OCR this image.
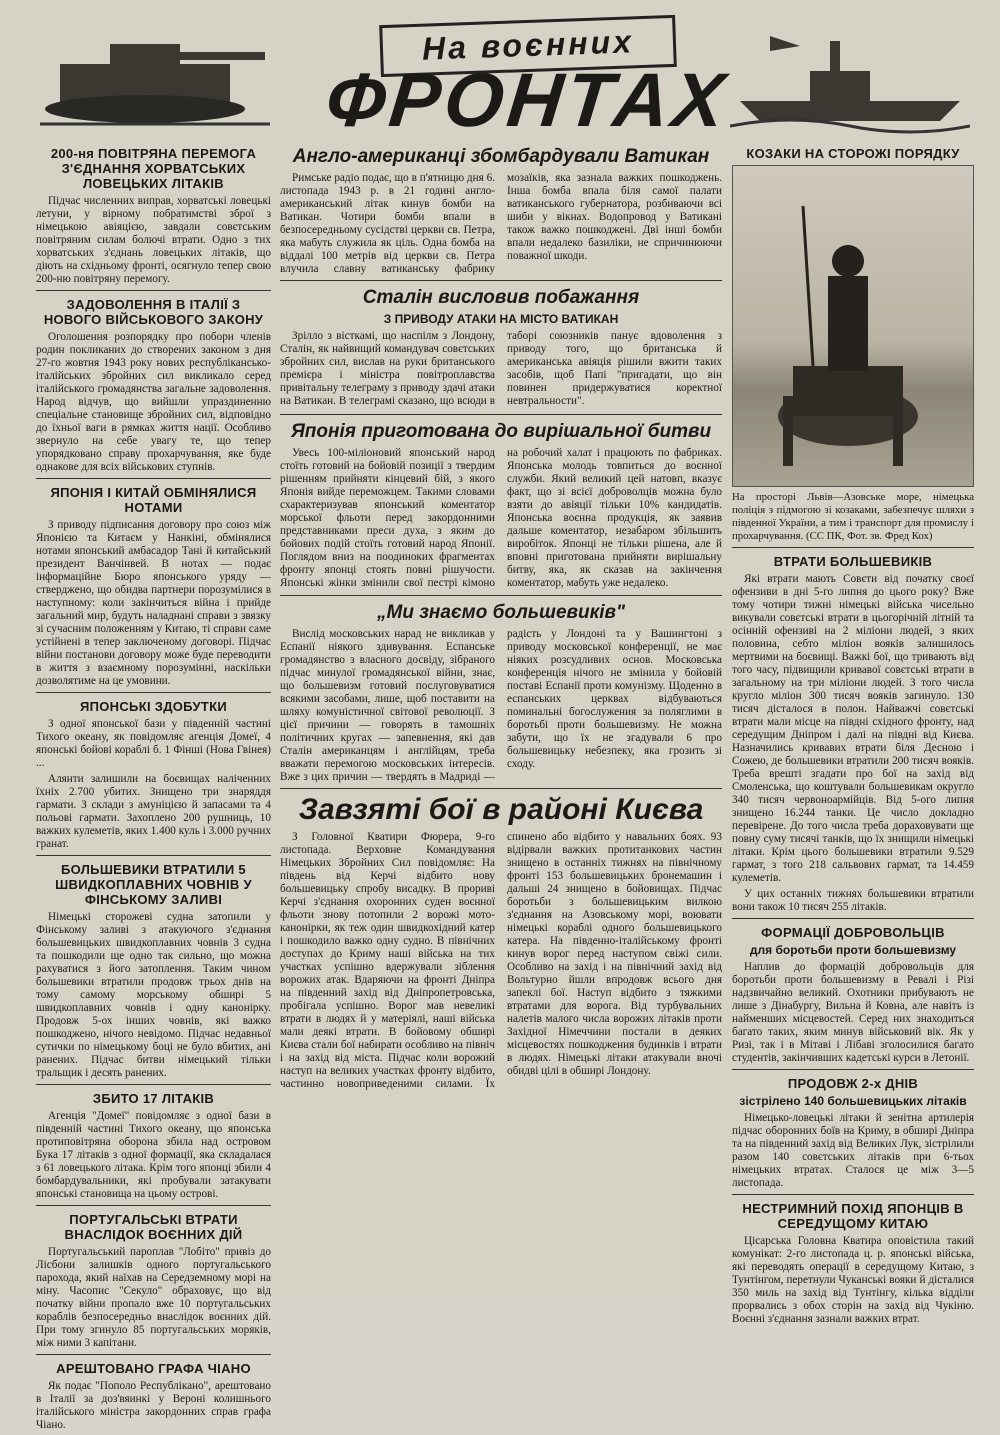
На воєнних
ФРОНТАХ
200-ня ПОВІТРЯНА ПЕРЕМОГА З'ЄДНАННЯ ХОРВАТСЬКИХ ЛОВЕЦЬКИХ ЛІТАКІВ

Підчас численних виправ, хорватські ловецькі летуни, у вірному побратимстві зброї з німецькою авіяцією, завдали совєтським повітряним силам болючі втрати. Одно з тих хорватських з'єднань ловецьких літаків, що діють на східньому фронті, осягнуло тепер свою 200-ню повітряну перемогу.

ЗАДОВОЛЕННЯ В ІТАЛІЇ З НОВОГО ВІЙСЬКОВОГО ЗАКОНУ

Оголошення розпорядку про побори членів родин покликаних до створених законом з дня 27-го жовтня 1943 року нових республікансько-італійських збройних сил викликало серед італійського громадянства загальне задоволення. Народ відчув, що вийшли упраздиненню спеціальне становище збройних сил, відповідно до їхньої ваги в рямках життя нації. Особливо звернуло на себе увагу те, що тепер упорядковано справу прохарчування, яке буде однакове для всіх військових ступнів.

ЯПОНІЯ І КИТАЙ ОБМІНЯЛИСЯ НОТАМИ

З приводу підписання договору про союз між Японією та Китаєм у Нанкіні, обмінялися нотами японський амбасадор Тані й китайський президент Ванчінвей. В нотах — подає інформаційне Бюро японського уряду — стверджено, що обидва партнери порозумілися в наступному: коли закінчиться війна і прийде загальний мир, будуть наладнані справи з звязку зі сучасним положенням у Китаю, ті справи саме устійнені в тепер заключеному договорі. Підчас війни постанови договору може буде переводити в життя з взаємному порозумінні, наскільки дозволятиме на це умовини.

ЯПОНСЬКІ ЗДОБУТКИ

З одної японської бази у південній частині Тихого океану, як повідомляє агенція Домеї, 4 японські бойові кораблі б. 1 Фінші (Нова Гвінея) ...

Алянти залишили на боєвищах наліченних їхніх 2.700 убитих. Знищено три знаряддя гармати. З склади з амуніцією й запасами та 4 польові гармати. Захоплено 200 рушниць, 10 важких кулеметів, яких 1.400 куль і 3.000 ручних гранат.

БОЛЬШЕВИКИ ВТРАТИЛИ 5 ШВИДКОПЛАВНИХ ЧОВНІВ У ФІНСЬКОМУ ЗАЛИВІ

Німецькі сторожеві судна затопили у Фінському заливі з атакуючого з'єднання большевицьких швидкоплавних човнів 3 судна та пошкодили ще одно так сильно, що можна рахуватися з його затоплення. Таким чином большевики втратили продовж трьох днів на тому самому морському обширі 5 швидкоплавних човнів і одну канонірку. Продовж 5-ох інших човнів, які важко пошкоджено, нічого невідомо. Підчас недавньої сутички по німецькому боці не було вбитих, ані ранених. Підчас битви німецький тільки тральщик і десять ранених.

ЗБИТО 17 ЛІТАКІВ

Агенція "Домеї" повідомляє з одної бази в південній частині Тихого океану, що японська протиповітряна оборона збила над островом Бука 17 літаків з одної формації, яка складалася з 61 ловецького літака. Крім того японці збили 4 бомбардувальники, які пробували затакувати японські становища на цьому острові.

ПОРТУГАЛЬСЬКІ ВТРАТИ ВНАСЛІДОК ВОЄННИХ ДІЙ

Португальський пароплав "Лобіто" привіз до Лісбони залишків одного португальського парохода, який наїхав на Середземному морі на міну. Часопис "Секуло" обраховує, що від початку війни пропало вже 10 португальських кораблів безпосередньо внаслідок воєнних дій. При тому згинуло 85 португальських моряків, між ними 3 капітани.

АРЕШТОВАНО ГРАФА ЧІАНО

Як подає "Пополо Республікано", арештовано в Італії за доз'вяинкі у Вероні колишнього італійського міністра закордонних справ графа Чіано.

Англо-американці збомбардували Ватикан

Римське радіо подає, що в п'ятницю дня 6. листопада 1943 р. в 21 годині англо-американський літак кинув бомби на Ватикан. Чотири бомби впали в безпосередньому сусідстві церкви св. Петра, яка мабуть служила як ціль. Одна бомба на віддалі 100 метрів від церкви св. Петра влучила славну ватиканську фабрику мозаїків, яка зазнала важких пошкоджень. Інша бомба впала біля самої палати ватиканського губернатора, розбиваючи всі шиби у вікнах. Водопровод у Ватикані також важко пошкоджені. Дві інші бомби впали недалеко базиліки, не спричинюючи поважної шкоди.

Сталін висловив побажання
З ПРИВОДУ АТАКИ НА МІСТО ВАТИКАН

Зрілло з вісткамі, що наспілм з Лондону, Сталін, як найвищий командувач совєтських збройних сил, вислав на руки британського премієра і міністра повітроплавства привітальну телеграму з приводу здачі атаки на Ватикан. В телеграмі сказано, що всюди в таборі союзників панує вдоволення з приводу того, що британська й американська авіяція рішили вжити таких засобів, щоб Папі "пригадати, що він повинен придержуватися коректної невтральности".

Японія приготована до вирішальної битви

Увесь 100-міліоновий японський народ стоїть готовий на бойовій позиції з твердим рішенням прийняти кінцевий бій, з якого Японія вийде переможцем. Такими словами схарактеризував японський коментатор морської фльоти перед закордонними представниками преси духа, з яким до бойових подій стоїть готовий народ Японії. Поглядом вниз на поодиноких фрагментах фронту японці стоять повні рішучости. Японські жінки змінили свої пестрі кімоно на робочий халат і працюють по фабриках. Японська молодь товпиться до воєнної служби. Який великий цей натовп, вказує факт, що зі всієї доброволців можна було взяти до авіяції тільки 10% кандидатів. Японська воєнна продукція, як заявив дальше коментатор, незабаром збільшить виробіток. Японці не тільки рішена, але й вповні приготована прийняти вирішальну битву, яка, як сказав на закінчення коментатор, мабуть уже недалеко.

„Ми знаємо большевиків"

Вислід московських нарад не викликав у Еспанії ніякого здивування. Еспанське громадянство з власного досвіду, зібраного підчас минулої громадянської війни, знає, що большевизм готовий послуговуватися всякими засобами, лише, щоб поставити на шляху комуністичної світової революції. З цієї причини — говорять в тамошніх політичних кругах — запевнення, які дав Сталін американцям і англійцям, треба вважати перемогою московських інтересів. Вже з цих причин — твердять в Мадриді — радість у Лондоні та у Вашингтоні з приводу московської конференції, не має ніяких розсудливих основ. Московська конференція нічого не змінила у бойовій поставі Еспанії проти комунізму. Щоденно в еспанських церквах відбуваються поминальні богослужения за поляглими в боротьбі проти большевизму. Не можна забути, що їх не згадували 6 про большевицьку небезпеку, яка грозить зі сходу.

Завзяті бої в районі Києва

З Головної Кватири Фюрера, 9-го листопада. Верховне Командування Німецьких Збройних Сил повідомляє: На південь від Керчі відбито нову большевицьку спробу висадку. В прориві Керчі з'єднання охоронних суден воєнної фльоти знову потопили 2 ворожі мото-канонірки, як теж один швидкохідний катер і пошкодило важко одну судно. В північних доступах до Криму наші війська на тих участках успішно вдержували зіблення ворожих атак. Вдаряючи на фронті Дніпра на південний захід від Дніпропетровська, пробігала успішно. Ворог мав невеликі втрати в людях й у матеріялі, наші війська мали деякі втрати. В бойовому обширі Києва стали бої набирати особливо на північ і на захід від міста. Підчас коли ворожий наступ на великих участках фронту відбито, частинно новоприведеними силами. Їх спинено або відбито у навальних боях. 93 відірвали важких протитанкових частин знищено в останніх тижнях на північному фронті 153 большевицьких бронемашин і дальші 24 знищено в бойовищах. Підчас боротьби з большевицьким вилкою з'єднання на Азовському морі, воювати німецькі кораблі одного большевицького катера. На південно-італійському фронті кинув ворог перед наступом свіжі сили. Особливо на захід і на північний захід від Вольтурно йшли впродовж всього дня запеклі бої. Наступ відбито з тяжкими втратами для ворога. Від турбувальних налетів малого числа ворожих літаків проти Західної Німеччини постали в деяких місцевостях пошкодження будинків і втрати в людях. Німецькі літаки атакували вночі обидві цілі в обширі Лондону.

КОЗАКИ НА СТОРОЖІ ПОРЯДКУ
На просторі Львів—Азовське море, німецька поліція з підмогою зі козаками, забезпечує шляхи з південної України, а тим і транспорт для промислу і прохарчування. (СС ПК, Фот. зв. Фред Кох)
ВТРАТИ БОЛЬШЕВИКІВ

Які втрати мають Совєти від початку своєї офензиви в дні 5-го липня до цього року? Вже тому чотири тижні німецькі війська чисельно викували совєтські втрати в цьогорічній літній та осінній офензиві на 2 міліони людей, з яких половина, себто міліон вояків залишилось мертвими на боєвищі. Важкі бої, що тривають від того часу, підвищили кривавої совєтські втрати в загальному на три міліони людей. З того числа кругло міліон 300 тисяч вояків загинуло. 130 тисяч дісталося в полон. Найважчі совєтські втрати мали місце на півдні східного фронту, над середущим Дніпром і далі на півдні від Києва. Назначились кривавих втрати біля Десною і Сожею, де большевики втратили 200 тисяч вояків. Треба врешті згадати про бої на захід від Смоленська, що коштували большевикам округло 340 тисяч червоноармійців. Від 5-ого липня знищено 16.244 танки. Це число докладно перевірене. До того числа треба дораховувати ще повну суму тисячі танків, що їх знищили німецькі літаки. Крім цього большевики втратили 9.529 гармат, з того 218 сальвових гармат, та 14.459 кулеметів.

У цих останніх тижнях большевики втратили вони також 10 тисяч 255 літаків.

ФОРМАЦІЇ ДОБРОВОЛЬЦІВ
для боротьби проти большевизму

Наплив до формацій добровольців для боротьби проти большевизму в Ревалі і Різі надзвичайно великий. Охотники прибувають не лише з Дінабургу, Вильна й Ковна, але навіть із найменших місцевостей. Серед них знаходиться багато таких, яким минув військовий вік. Як у Ризі, так і в Мітаві і Лібаві зголосилися багато студентів, закінчивших кадетські курси в Летонії.

ПРОДОВЖ 2-х ДНІВ
зістрілено 140 большевицьких літаків

Німецько-ловецькі літаки й зенітна артилерія підчас оборонних боїв на Криму, в обширі Дніпра та на південний захід від Великих Лук, зістрілили разом 140 совєтських літаків при 6-тьох німецьких втратах. Сталося це між 3—5 листопада.

НЕСТРИМНИЙ ПОХІД ЯПОНЦІВ В СЕРЕДУЩОМУ КИТАЮ

Цісарська Головна Кватира оповістила такий комунікат: 2-го листопада ц. р. японські війська, які переводять операції в середущому Китаю, з Тунтінгом, перетнули Чуканські вояки й дісталися 350 миль на захід від Тунтінгу, кілька відділи прорвались з обох сторін на захід від Чукіню. Воєнні з'єднання зазнали важких втрат.
